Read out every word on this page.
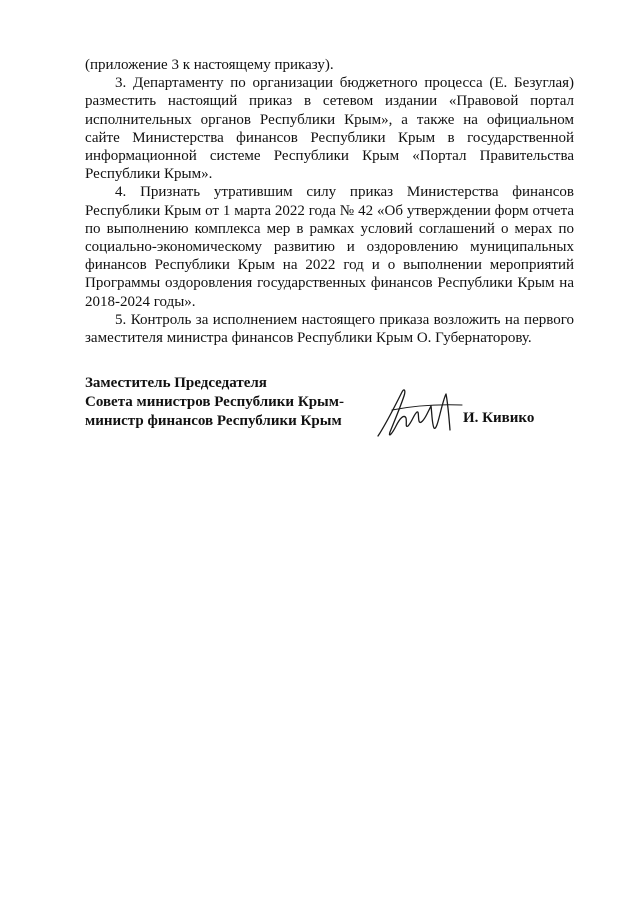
(приложение 3 к настоящему приказу).

3. Департаменту по организации бюджетного процесса (Е. Безуглая) разместить настоящий приказ в сетевом издании «Правовой портал исполнительных органов Республики Крым», а также на официальном сайте Министерства финансов Республики Крым в государственной информационной системе Республики Крым «Портал Правительства Республики Крым».

4. Признать утратившим силу приказ Министерства финансов Республики Крым от 1 марта 2022 года № 42 «Об утверждении форм отчета по выполнению комплекса мер в рамках условий соглашений о мерах по социально-экономическому развитию и оздоровлению муниципальных финансов Республики Крым на 2022 год и о выполнении мероприятий Программы оздоровления государственных финансов Республики Крым на 2018-2024 годы».

5. Контроль за исполнением настоящего приказа возложить на первого заместителя министра финансов Республики Крым О. Губернаторову.

Заместитель Председателя
Совета министров Республики Крым-
министр финансов Республики Крым	И. Кивико
